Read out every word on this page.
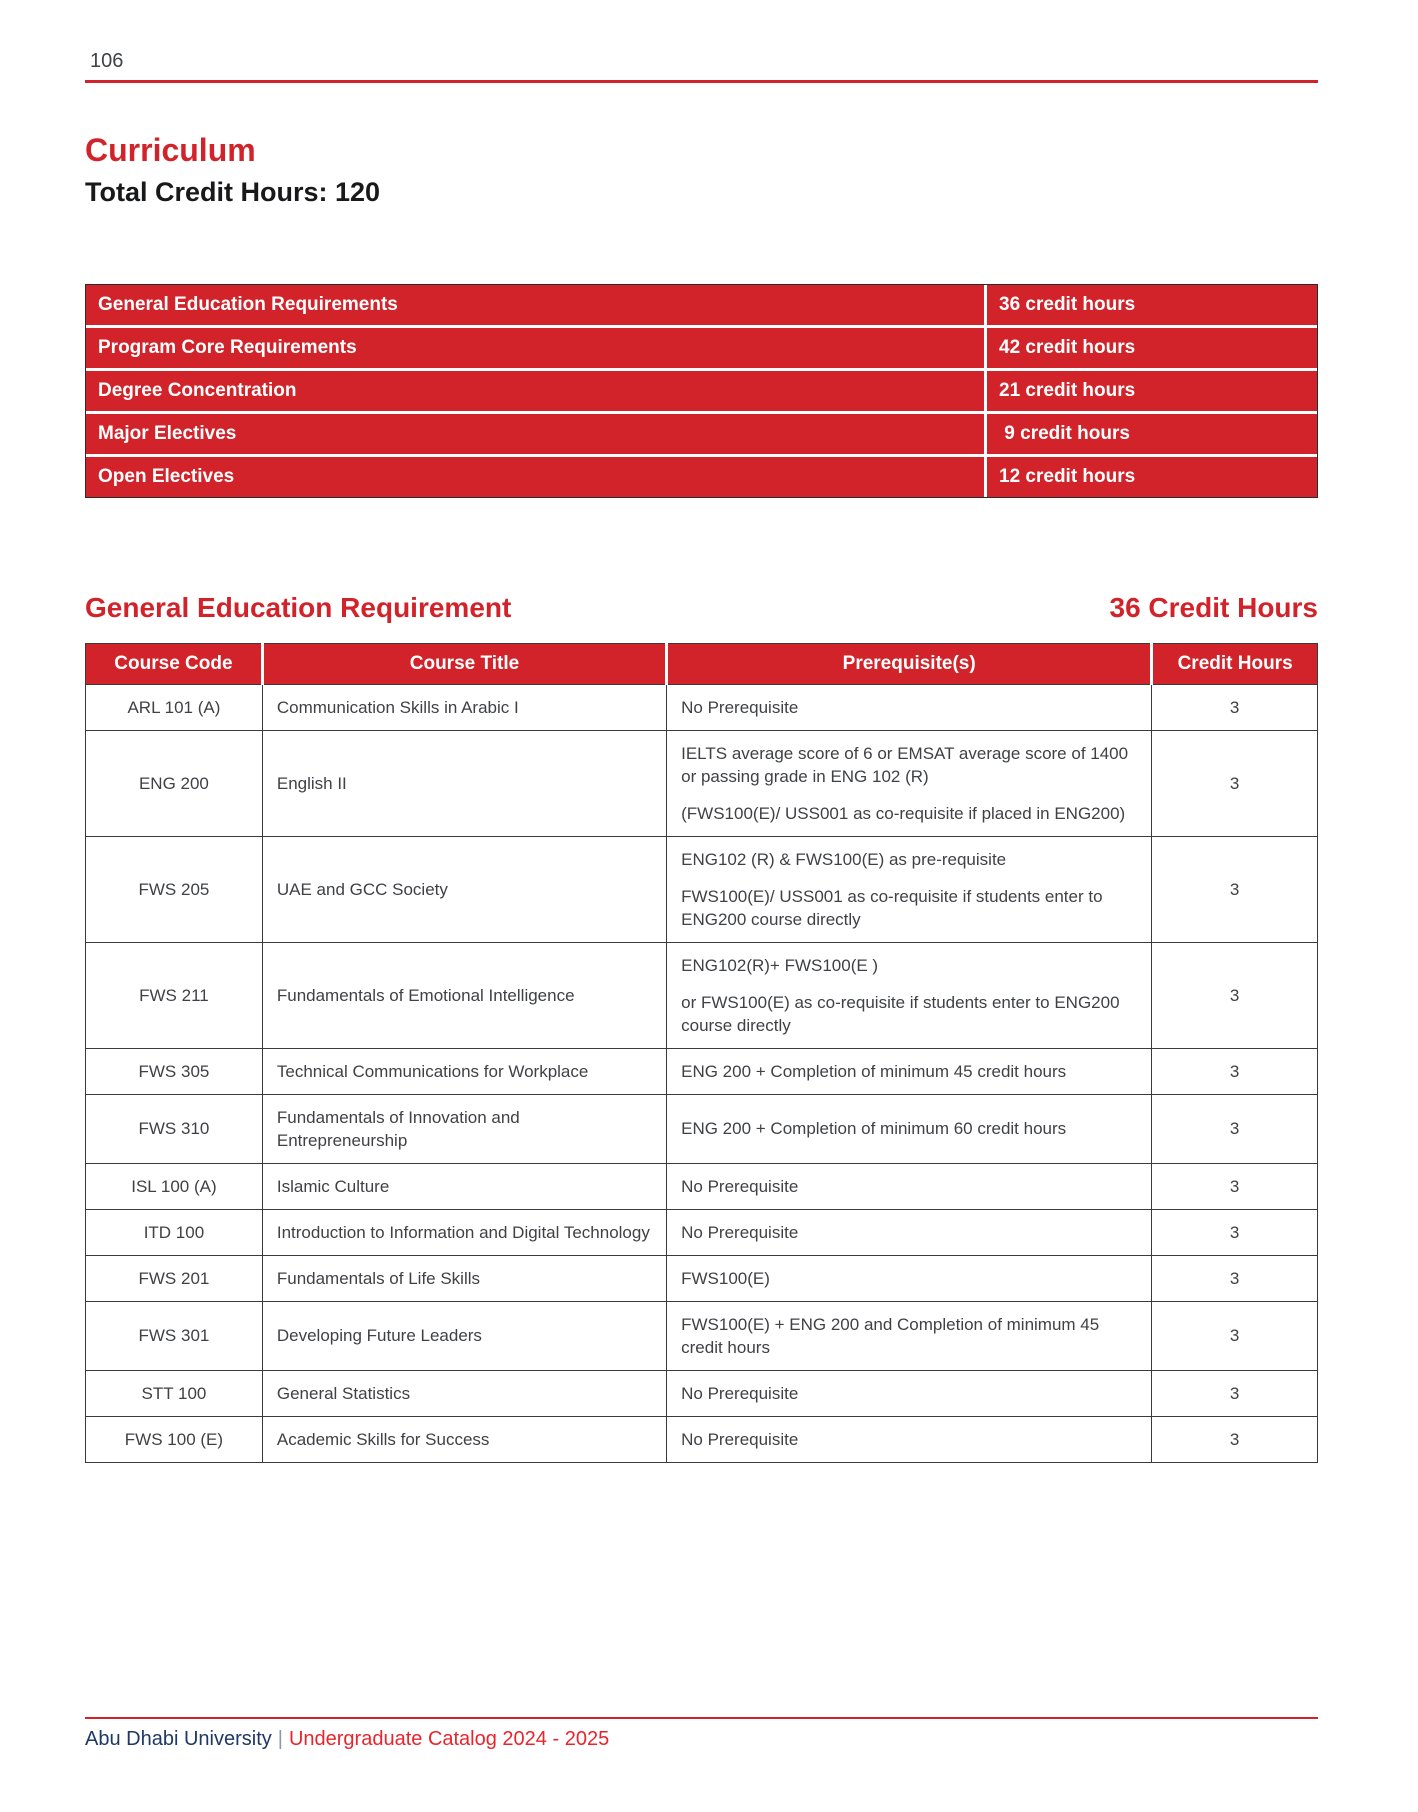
106
Curriculum
Total Credit Hours: 120
General Education Requirements	36 credit hours
Program Core Requirements	42 credit hours
Degree Concentration	21 credit hours
Major Electives	9 credit hours
Open Electives	12 credit hours
General Education Requirement	36 Credit Hours
Course Code	Course Title	Prerequisite(s)	Credit Hours
ARL 101 (A)	Communication Skills in Arabic I	No Prerequisite	3
ENG 200	English II	IELTS average score of 6 or EMSAT average score of 1400 or passing grade in ENG 102 (R)

(FWS100(E)/ USS001 as co-requisite if placed in ENG200)	3
FWS 205	UAE and GCC Society	ENG102 (R) & FWS100(E) as pre-requisite

FWS100(E)/ USS001 as co-requisite if students enter to ENG200 course directly	3
FWS 211	Fundamentals of Emotional Intelligence	ENG102(R)+ FWS100(E )

or FWS100(E) as co-requisite if students enter to ENG200 course directly	3
FWS 305	Technical Communications for Workplace	ENG 200 + Completion of minimum 45 credit hours	3
FWS 310	Fundamentals of Innovation and Entrepreneurship	ENG 200 + Completion of minimum 60 credit hours	3
ISL 100 (A)	Islamic Culture	No Prerequisite	3
ITD 100	Introduction to Information and Digital Technology	No Prerequisite	3
FWS 201	Fundamentals of Life Skills	FWS100(E)	3
FWS 301	Developing Future Leaders	FWS100(E) + ENG 200 and Completion of minimum 45 credit hours	3
STT 100	General Statistics	No Prerequisite	3
FWS 100 (E)	Academic Skills for Success	No Prerequisite	3
Abu Dhabi University | Undergraduate Catalog 2024 - 2025
